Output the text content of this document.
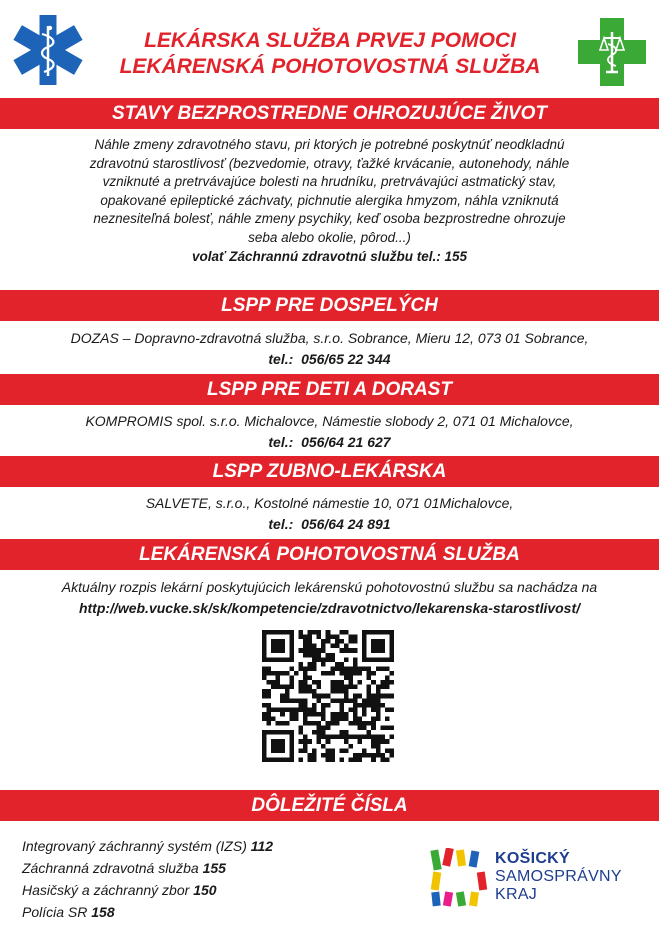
LEKÁRSKA SLUŽBA PRVEJ POMOCI
LEKÁRENSKÁ POHOTOVOSTNÁ SLUŽBA
STAVY BEZPROSTREDNE OHROZUJÚCE ŽIVOT
Náhle zmeny zdravotného stavu, pri ktorých je potrebné poskytnúť neodkladnú
zdravotnú starostlivosť (bezvedomie, otravy, ťažké krvácanie, autonehody, náhle
vzniknuté a pretrvávajúce bolesti na hrudníku, pretrvávajúci astmatický stav,
opakované epileptické záchvaty, pichnutie alergika hmyzom, náhla vzniknutá
neznesiteľná bolesť, náhle zmeny psychiky, keď osoba bezprostredne ohrozuje
seba alebo okolie, pôrod...)
volať Záchrannú zdravotnú službu tel.: 155
LSPP PRE DOSPELÝCH
DOZAS – Dopravno-zdravotná služba, s.r.o. Sobrance, Mieru 12, 073 01 Sobrance,
tel.: 056/65 22 344
LSPP PRE DETI A DORAST
KOMPROMIS spol. s.r.o. Michalovce, Námestie slobody 2, 071 01 Michalovce,
tel.: 056/64 21 627
LSPP ZUBNO-LEKÁRSKA
SALVETE, s.r.o., Kostolné námestie 10, 071 01Michalovce,
tel.: 056/64 24 891
LEKÁRENSKÁ POHOTOVOSTNÁ SLUŽBA
Aktuálny rozpis lekární poskytujúcich lekárenskú pohotovostnú službu sa nachádza na
http://web.vucke.sk/sk/kompetencie/zdravotnictvo/lekarenska-starostlivost/
DÔLEŽITÉ ČÍSLA
Integrovaný záchranný systém (IZS) 112
Záchranná zdravotná služba 155
Hasičský a záchranný zbor 150
Polícia SR 158
KOŠICKÝ
SAMOSPRÁVNY
KRAJ
